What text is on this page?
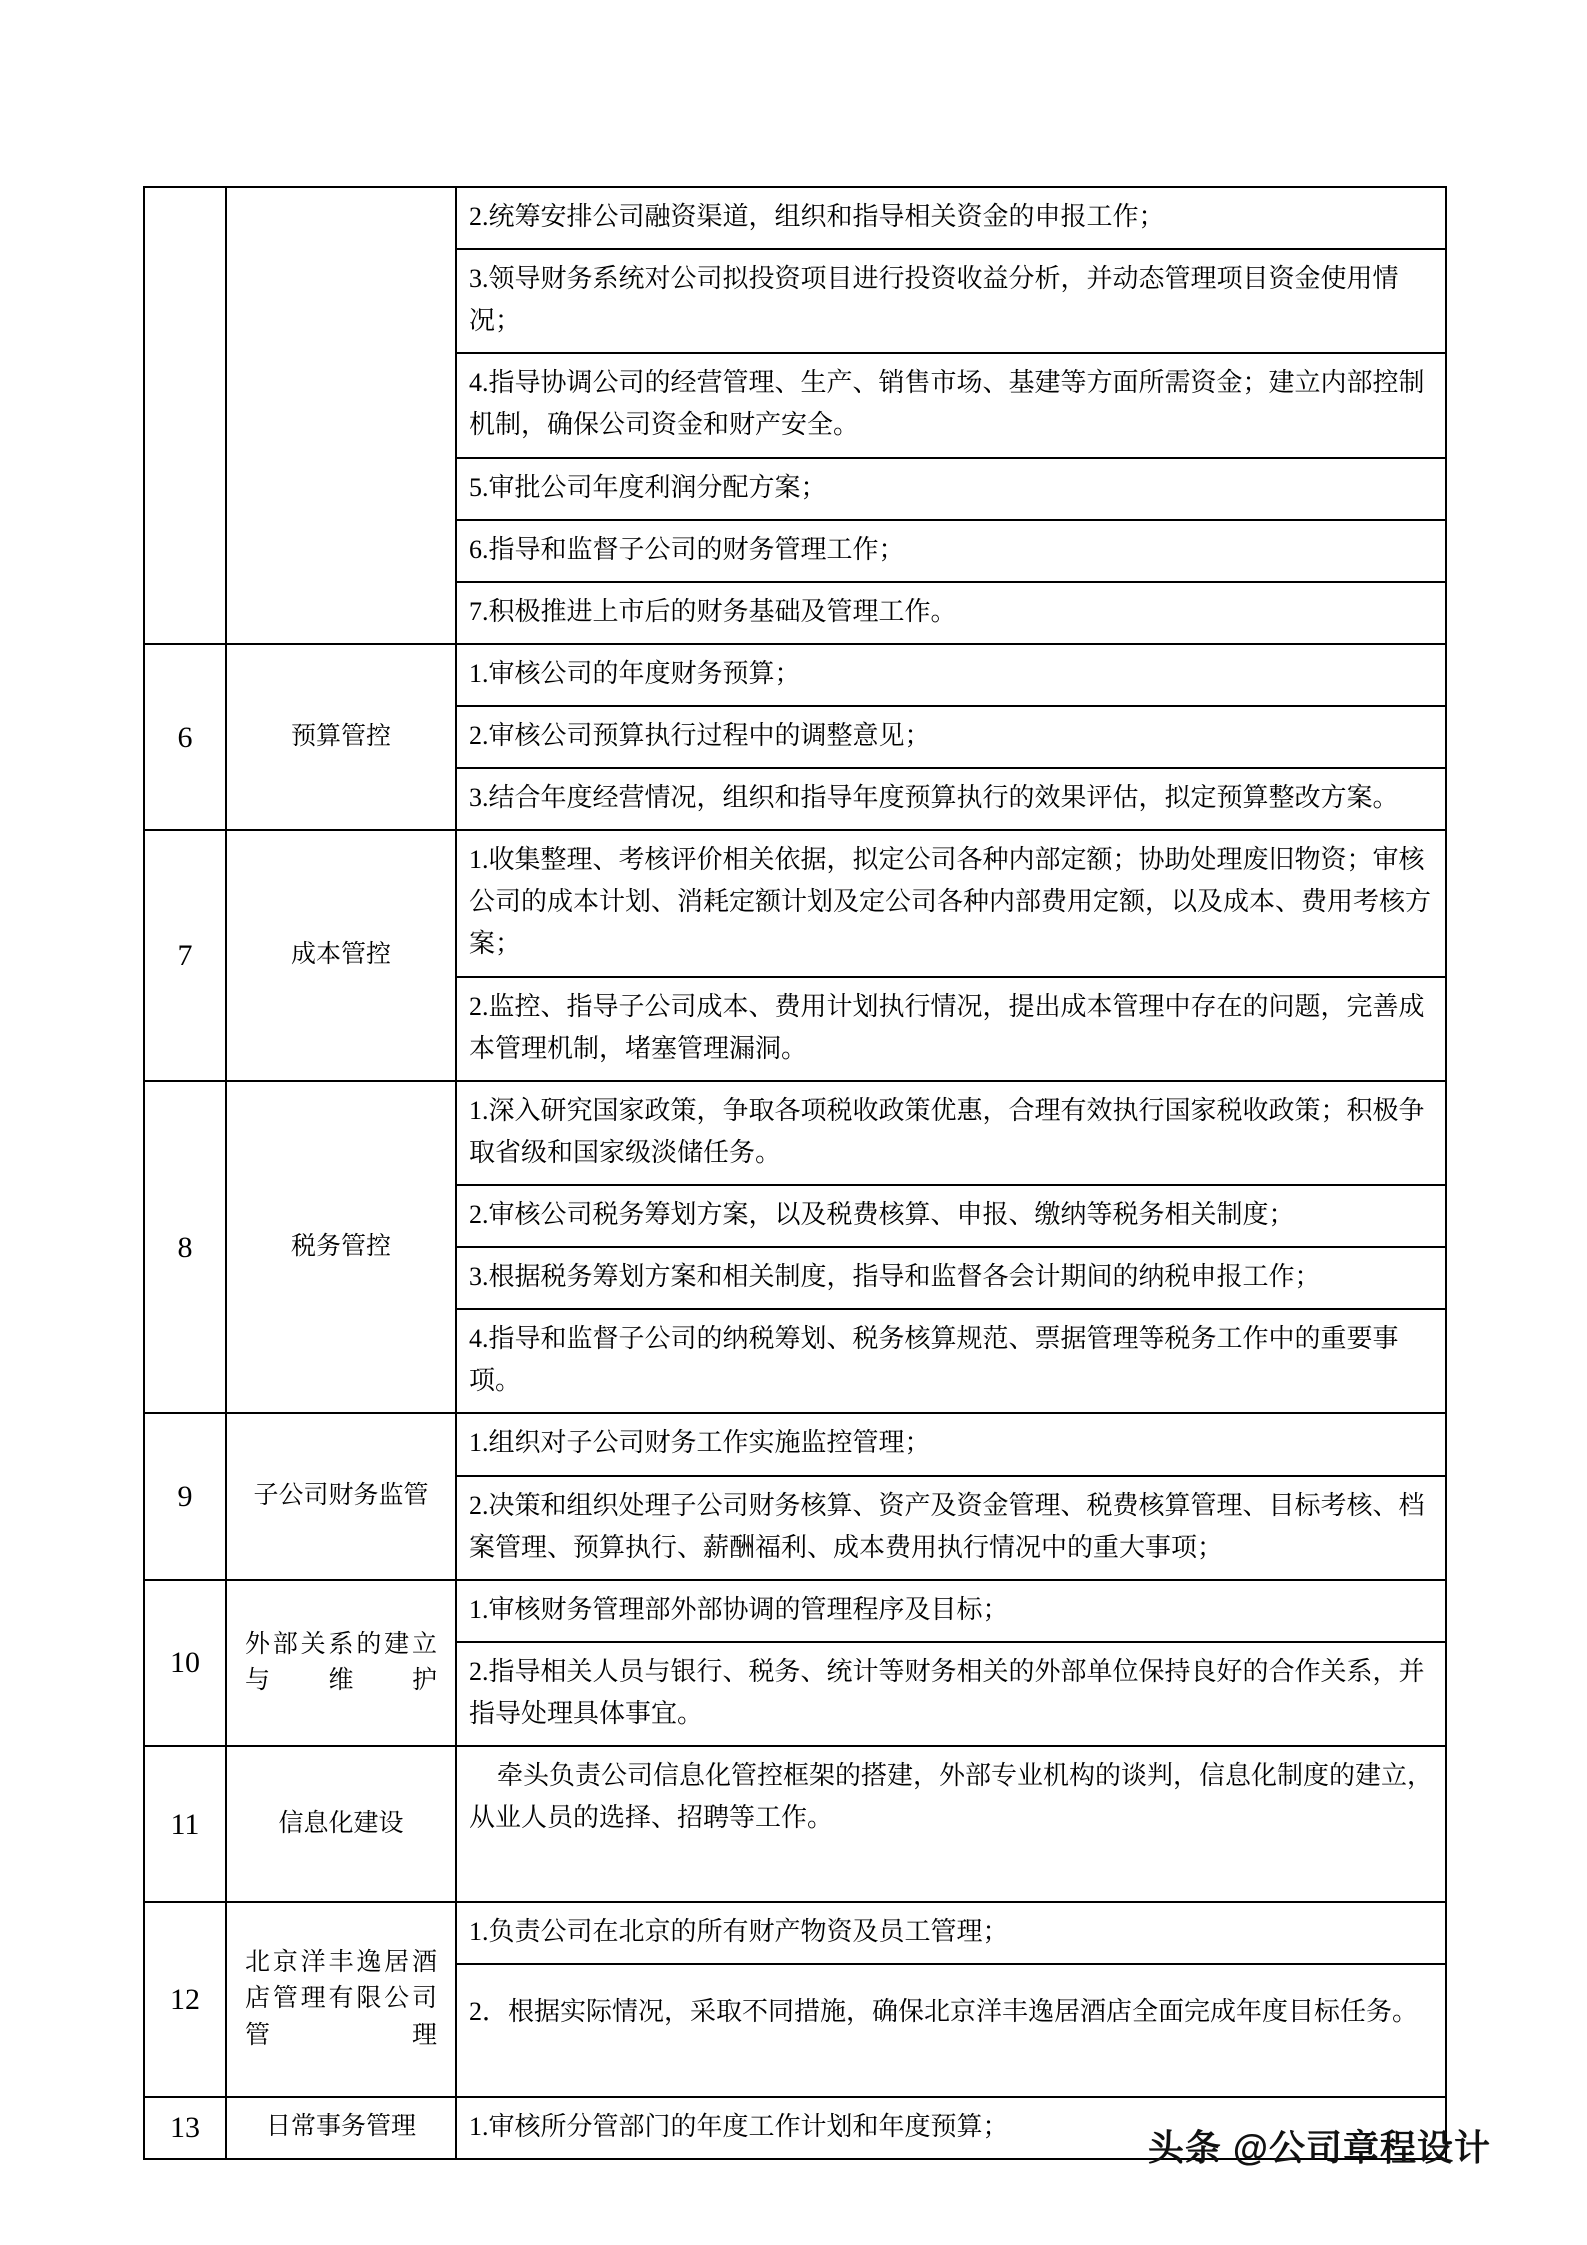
2.统筹安排公司融资渠道，组织和指导相关资金的申报工作；
3.领导财务系统对公司拟投资项目进行投资收益分析，并动态管理项目资金使用情况；
4.指导协调公司的经营管理、生产、销售市场、基建等方面所需资金；建立内部控制机制，确保公司资金和财产安全。
5.审批公司年度利润分配方案；
6.指导和监督子公司的财务管理工作；
7.积极推进上市后的财务基础及管理工作。

6	预算管控	
1.审核公司的年度财务预算；
2.审核公司预算执行过程中的调整意见；
3.结合年度经营情况，组织和指导年度预算执行的效果评估，拟定预算整改方案。

7	成本管控	
1.收集整理、考核评价相关依据，拟定公司各种内部定额；协助处理废旧物资；审核公司的成本计划、消耗定额计划及定公司各种内部费用定额，以及成本、费用考核方案；
2.监控、指导子公司成本、费用计划执行情况，提出成本管理中存在的问题，完善成本管理机制，堵塞管理漏洞。

8	税务管控	
1.深入研究国家政策，争取各项税收政策优惠，合理有效执行国家税收政策；积极争取省级和国家级淡储任务。
2.审核公司税务筹划方案，以及税费核算、申报、缴纳等税务相关制度；
3.根据税务筹划方案和相关制度，指导和监督各会计期间的纳税申报工作；
4.指导和监督子公司的纳税筹划、税务核算规范、票据管理等税务工作中的重要事项。

9	子公司财务监管	
1.组织对子公司财务工作实施监控管理；
2.决策和组织处理子公司财务核算、资产及资金管理、税费核算管理、目标考核、档案管理、预算执行、薪酬福利、成本费用执行情况中的重大事项；

10	外部关系的建立与维护	
1.审核财务管理部外部协调的管理程序及目标；
2.指导相关人员与银行、税务、统计等财务相关的外部单位保持良好的合作关系，并指导处理具体事宜。

11	信息化建设	
牵头负责公司信息化管控框架的搭建，外部专业机构的谈判，信息化制度的建立，从业人员的选择、招聘等工作。

12	北京洋丰逸居酒店管理有限公司管理	
1.负责公司在北京的所有财产物资及员工管理；
2．根据实际情况，采取不同措施，确保北京洋丰逸居酒店全面完成年度目标任务。

13	日常事务管理	1.审核所分管部门的年度工作计划和年度预算；
头条 @公司章程设计
